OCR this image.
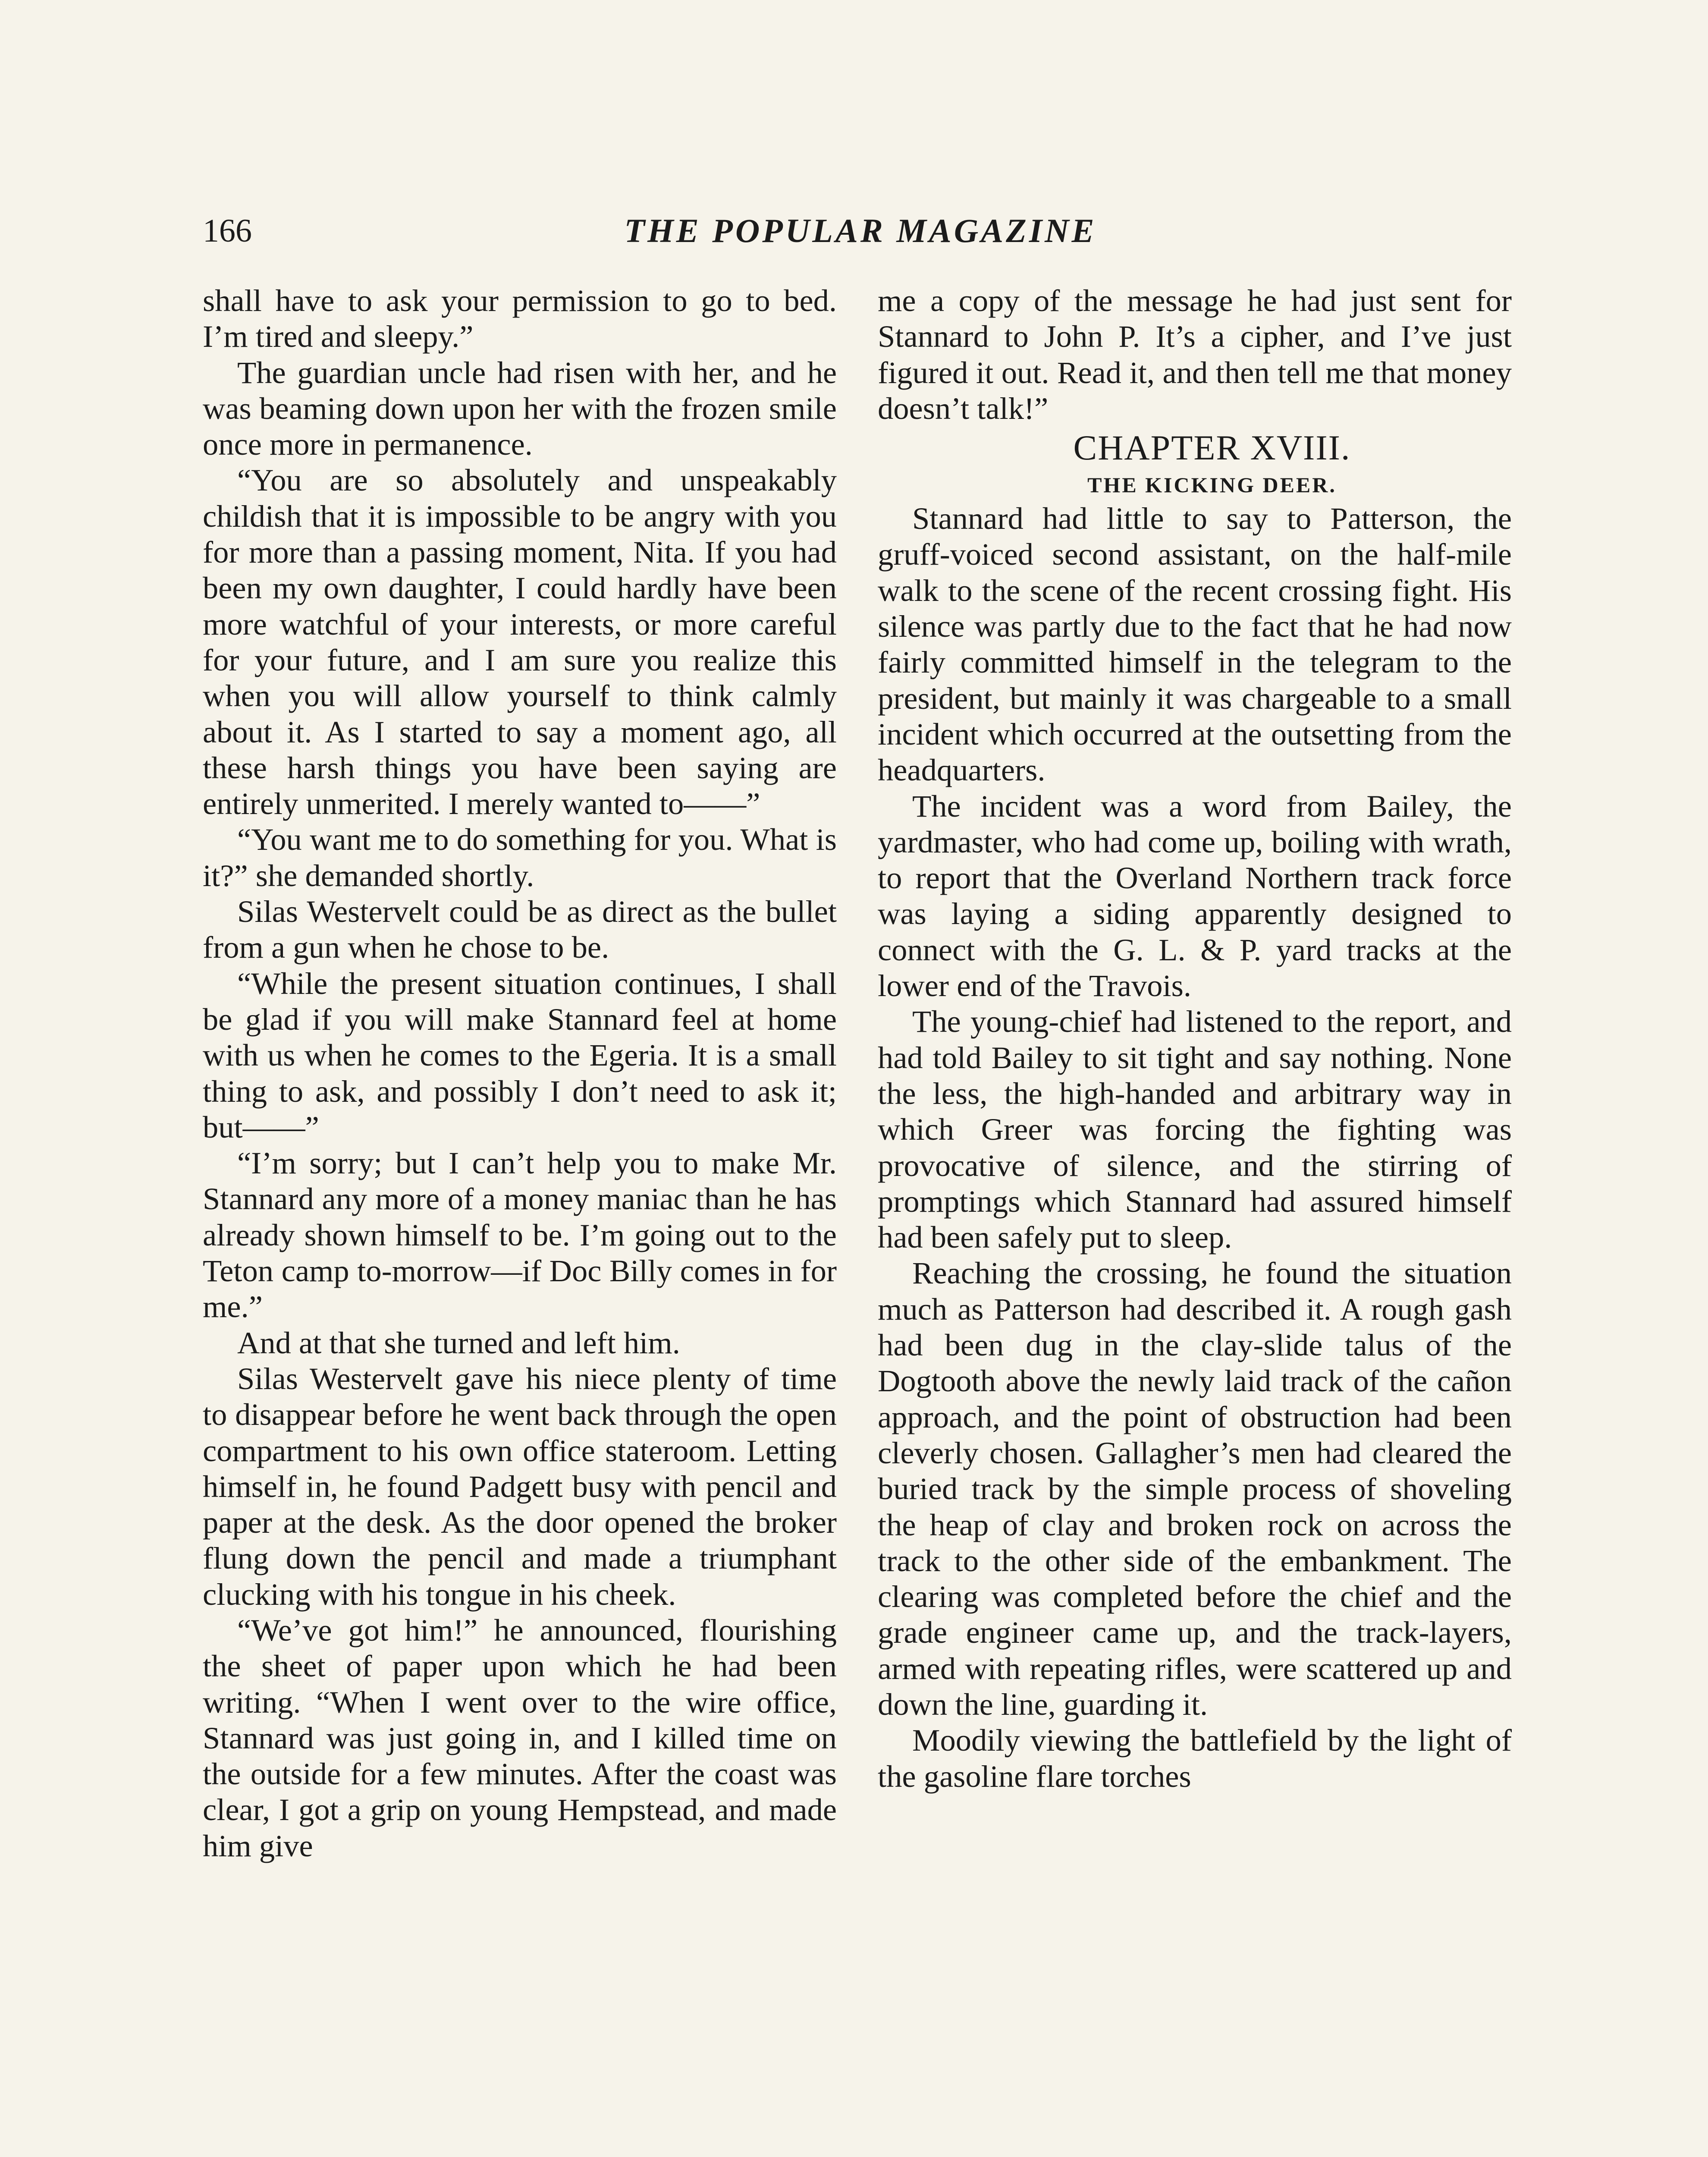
166	THE POPULAR MAGAZINE

shall have to ask your permission to go to bed. I’m tired and sleepy.”

The guardian uncle had risen with her, and he was beaming down upon her with the frozen smile once more in permanence.

“You are so absolutely and unspeakably childish that it is impossible to be angry with you for more than a passing moment, Nita. If you had been my own daughter, I could hardly have been more watchful of your interests, or more careful for your future, and I am sure you realize this when you will allow yourself to think calmly about it. As I started to say a moment ago, all these harsh things you have been saying are entirely unmerited. I merely wanted to——”

“You want me to do something for you. What is it?” she demanded shortly.

Silas Westervelt could be as direct as the bullet from a gun when he chose to be.

“While the present situation continues, I shall be glad if you will make Stannard feel at home with us when he comes to the Egeria. It is a small thing to ask, and possibly I don’t need to ask it; but——”

“I’m sorry; but I can’t help you to make Mr. Stannard any more of a money maniac than he has already shown himself to be. I’m going out to the Teton camp to-morrow—if Doc Billy comes in for me.”

And at that she turned and left him.

Silas Westervelt gave his niece plenty of time to disappear before he went back through the open compartment to his own office stateroom. Letting himself in, he found Padgett busy with pencil and paper at the desk. As the door opened the broker flung down the pencil and made a triumphant clucking with his tongue in his cheek.

“We’ve got him!” he announced, flourishing the sheet of paper upon which he had been writing. “When I went over to the wire office, Stannard was just going in, and I killed time on the outside for a few minutes. After the coast was clear, I got a grip on young Hempstead, and made him give

me a copy of the message he had just sent for Stannard to John P. It’s a cipher, and I’ve just figured it out. Read it, and then tell me that money doesn’t talk!”

CHAPTER XVIII.

THE KICKING DEER.

Stannard had little to say to Patterson, the gruff-voiced second assistant, on the half-mile walk to the scene of the recent crossing fight. His silence was partly due to the fact that he had now fairly committed himself in the telegram to the president, but mainly it was chargeable to a small incident which occurred at the outsetting from the headquarters.

The incident was a word from Bailey, the yardmaster, who had come up, boiling with wrath, to report that the Overland Northern track force was laying a siding apparently designed to connect with the G. L. & P. yard tracks at the lower end of the Travois.

The young-chief had listened to the report, and had told Bailey to sit tight and say nothing. None the less, the high-handed and arbitrary way in which Greer was forcing the fighting was provocative of silence, and the stirring of promptings which Stannard had assured himself had been safely put to sleep.

Reaching the crossing, he found the situation much as Patterson had described it. A rough gash had been dug in the clay-slide talus of the Dogtooth above the newly laid track of the cañon approach, and the point of obstruction had been cleverly chosen. Gallagher’s men had cleared the buried track by the simple process of shoveling the heap of clay and broken rock on across the track to the other side of the embankment. The clearing was completed before the chief and the grade engineer came up, and the track-layers, armed with repeating rifles, were scattered up and down the line, guarding it.

Moodily viewing the battlefield by the light of the gasoline flare torches
